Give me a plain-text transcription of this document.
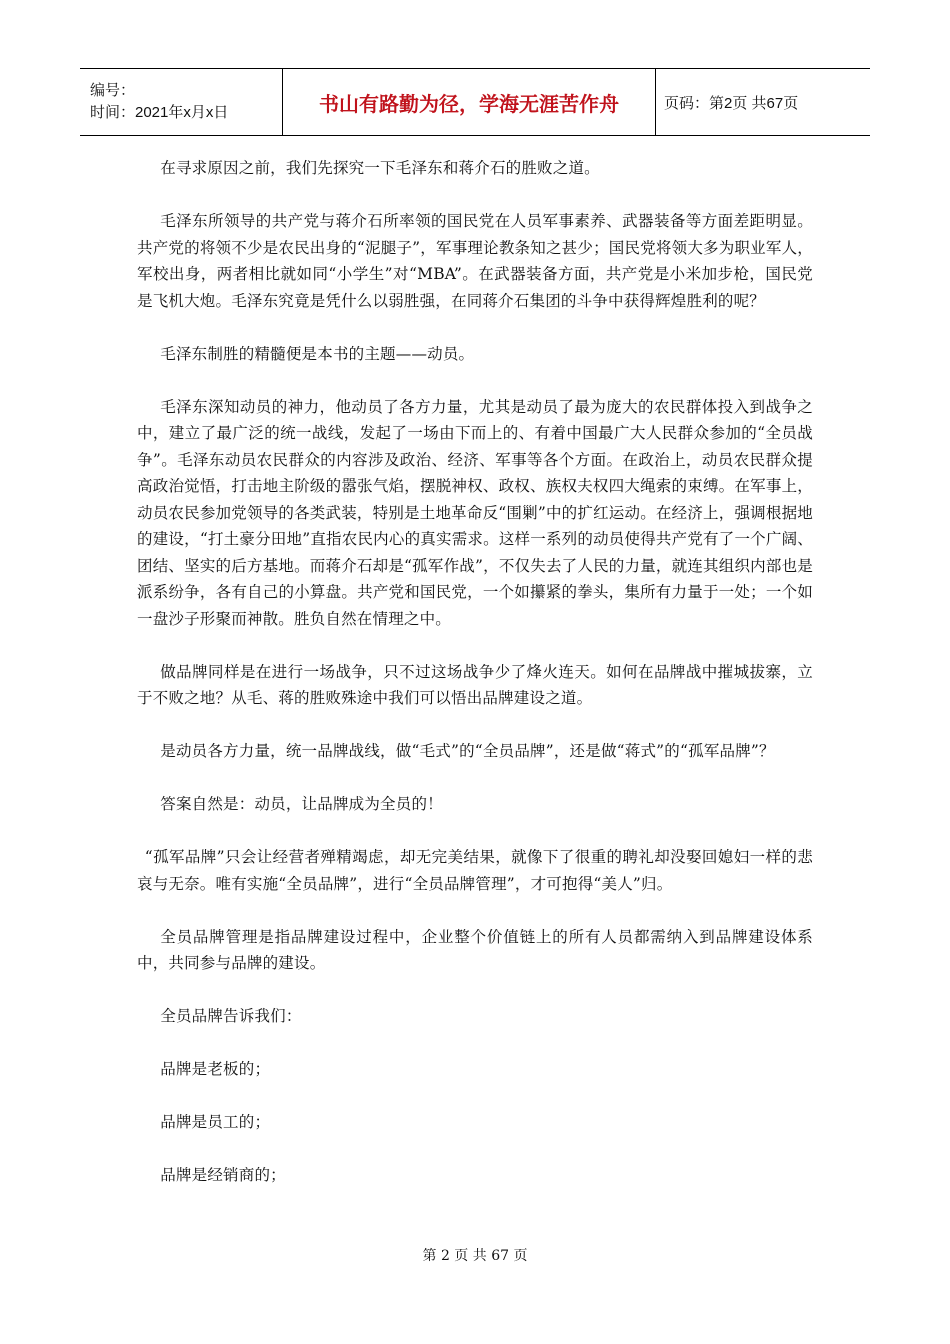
编号：
时间：2021年x月x日	书山有路勤为径，学海无涯苦作舟	页码：第2页 共67页

在寻求原因之前，我们先探究一下毛泽东和蒋介石的胜败之道。

毛泽东所领导的共产党与蒋介石所率领的国民党在人员军事素养、武器装备等方面差距明显。共产党的将领不少是农民出身的“泥腿子”，军事理论教条知之甚少；国民党将领大多为职业军人，军校出身，两者相比就如同“小学生”对“MBA”。在武器装备方面，共产党是小米加步枪，国民党是飞机大炮。毛泽东究竟是凭什么以弱胜强，在同蒋介石集团的斗争中获得辉煌胜利的呢？

毛泽东制胜的精髓便是本书的主题——动员。

毛泽东深知动员的神力，他动员了各方力量，尤其是动员了最为庞大的农民群体投入到战争之中，建立了最广泛的统一战线，发起了一场由下而上的、有着中国最广大人民群众参加的“全员战争”。毛泽东动员农民群众的内容涉及政治、经济、军事等各个方面。在政治上，动员农民群众提高政治觉悟，打击地主阶级的嚣张气焰，摆脱神权、政权、族权夫权四大绳索的束缚。在军事上，动员农民参加党领导的各类武装，特别是土地革命反“围剿”中的扩红运动。在经济上，强调根据地的建设，“打土豪分田地”直指农民内心的真实需求。这样一系列的动员使得共产党有了一个广阔、团结、坚实的后方基地。而蒋介石却是“孤军作战”，不仅失去了人民的力量，就连其组织内部也是派系纷争，各有自己的小算盘。共产党和国民党，一个如攥紧的拳头，集所有力量于一处；一个如一盘沙子形聚而神散。胜负自然在情理之中。

做品牌同样是在进行一场战争，只不过这场战争少了烽火连天。如何在品牌战中摧城拔寨，立于不败之地？从毛、蒋的胜败殊途中我们可以悟出品牌建设之道。

是动员各方力量，统一品牌战线，做“毛式”的“全员品牌”，还是做“蒋式”的“孤军品牌”？

答案自然是：动员，让品牌成为全员的！

“孤军品牌”只会让经营者殚精竭虑，却无完美结果，就像下了很重的聘礼却没娶回媳妇一样的悲哀与无奈。唯有实施“全员品牌”，进行“全员品牌管理”，才可抱得“美人”归。

全员品牌管理是指品牌建设过程中，企业整个价值链上的所有人员都需纳入到品牌建设体系中，共同参与品牌的建设。

全员品牌告诉我们：

品牌是老板的；

品牌是员工的；

品牌是经销商的；

第 2 页 共 67 页
